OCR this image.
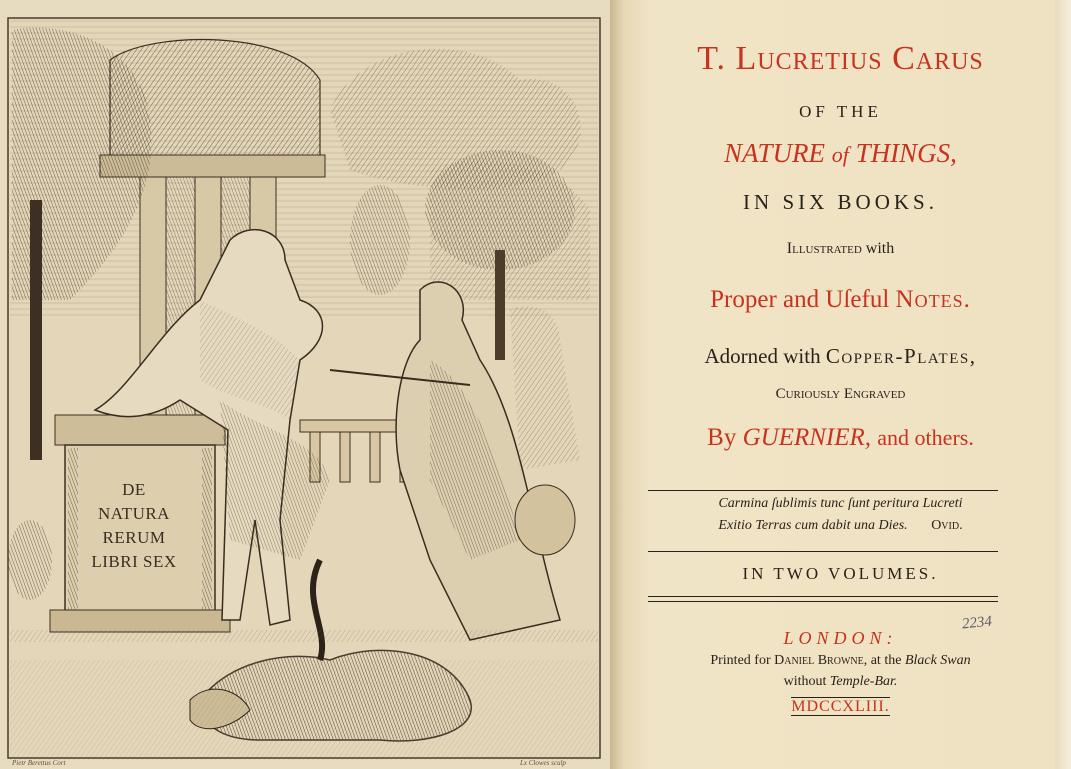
DE
NATURA
RERUM
LIBRI SEX
Pietr Berettus Cort	Lx Clowes sculp
T. Lucretius Carus
OF THE
NATURE of THINGS,
IN SIX BOOKS.
Illustrated with
Proper and Uſeful Notes.
Adorned with Copper-Plates,
Curiouſly Engraved
By GUERNIER, and others.
Carmina ſublimis tunc ſunt peritura Lucreti
Exitio Terras cum dabit una Dies. Ovid.
IN TWO VOLUMES.
LONDON:
Printed for Daniel Browne, at the Black Swan
without Temple-Bar.
MDCCXLIII.
2234
